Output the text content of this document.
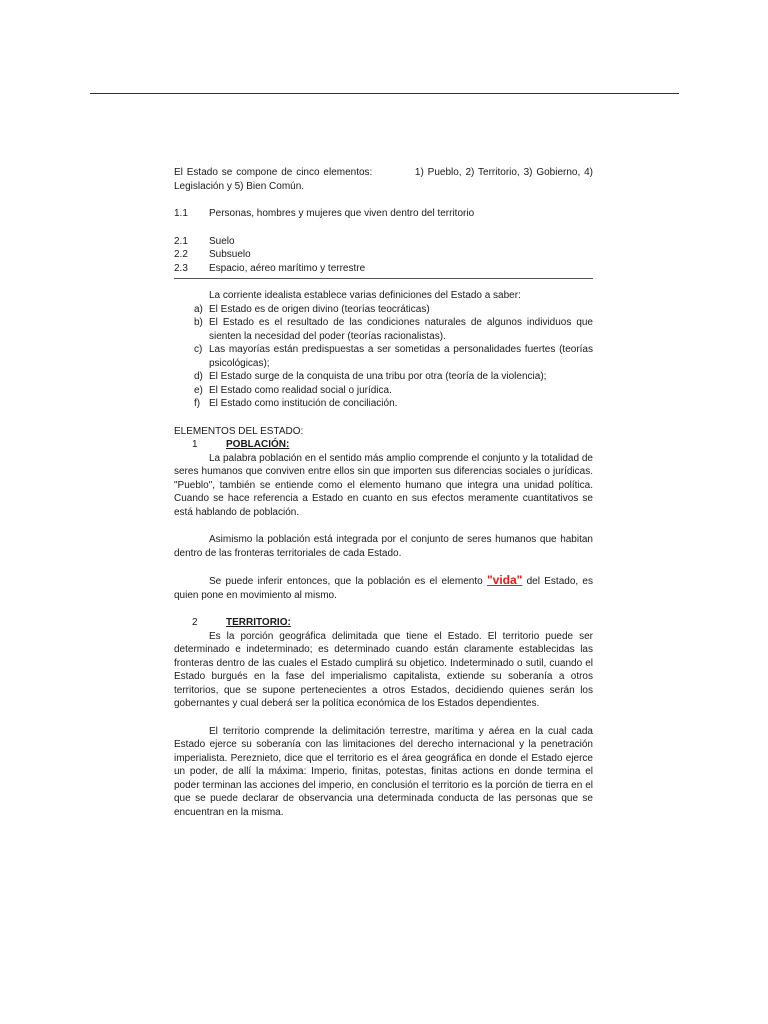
El Estado se compone de cinco elementos:	1) Pueblo, 2) Territorio, 3) Gobierno, 4) Legislación y 5) Bien Común.

1.1	Personas, hombres y mujeres que viven dentro del territorio
2.1	Suelo
2.2	Subsuelo
2.3	Espacio, aéreo marítimo y terrestre

La corriente idealista establece varias definiciones del Estado a saber:

a) El Estado es de origen divino (teorías teocráticas)
b) El Estado es el resultado de las condiciones naturales de algunos individuos que sienten la necesidad del poder (teorías racionalistas).
c) Las mayorías están predispuestas a ser sometidas a personalidades fuertes (teorías psicológicas);
d) El Estado surge de la conquista de una tribu por otra (teoría de la violencia);
e) El Estado como realidad social o jurídica.
f) El Estado como institución de conciliación.

ELEMENTOS DEL ESTADO:

1	POBLACIÓN:

La palabra población en el sentido más amplio comprende el conjunto y la totalidad de seres humanos que conviven entre ellos sin que importen sus diferencias sociales o jurídicas. "Pueblo", también se entiende como el elemento humano que integra una unidad política. Cuando se hace referencia a Estado en cuanto en sus efectos meramente cuantitativos se está hablando de población.

Asimismo la población está integrada por el conjunto de seres humanos que habitan dentro de las fronteras territoriales de cada Estado.

Se puede inferir entonces, que la población es el elemento "vida" del Estado, es quien pone en movimiento al mismo.

2	TERRITORIO:

Es la porción geográfica delimitada que tiene el Estado. El territorio puede ser determinado e indeterminado; es determinado cuando están claramente establecidas las fronteras dentro de las cuales el Estado cumplirá su objetico. Indeterminado o sutil, cuando el Estado burgués en la fase del imperialismo capitalista, extiende su soberanía a otros territorios, que se supone pertenecientes a otros Estados, decidiendo quienes serán los gobernantes y cual deberá ser la política económica de los Estados dependientes.

El territorio comprende la delimitación terrestre, marítima y aérea en la cual cada Estado ejerce su soberanía con las limitaciones del derecho internacional y la penetración imperialista. Pereznieto, dice que el territorio es el área geográfica en donde el Estado ejerce un poder, de allí la máxima: Imperio, finitas, potestas, finitas actions en donde termina el poder terminan las acciones del imperio, en conclusión el territorio es la porción de tierra en el que se puede declarar de observancia una determinada conducta de las personas que se encuentran en la misma.
